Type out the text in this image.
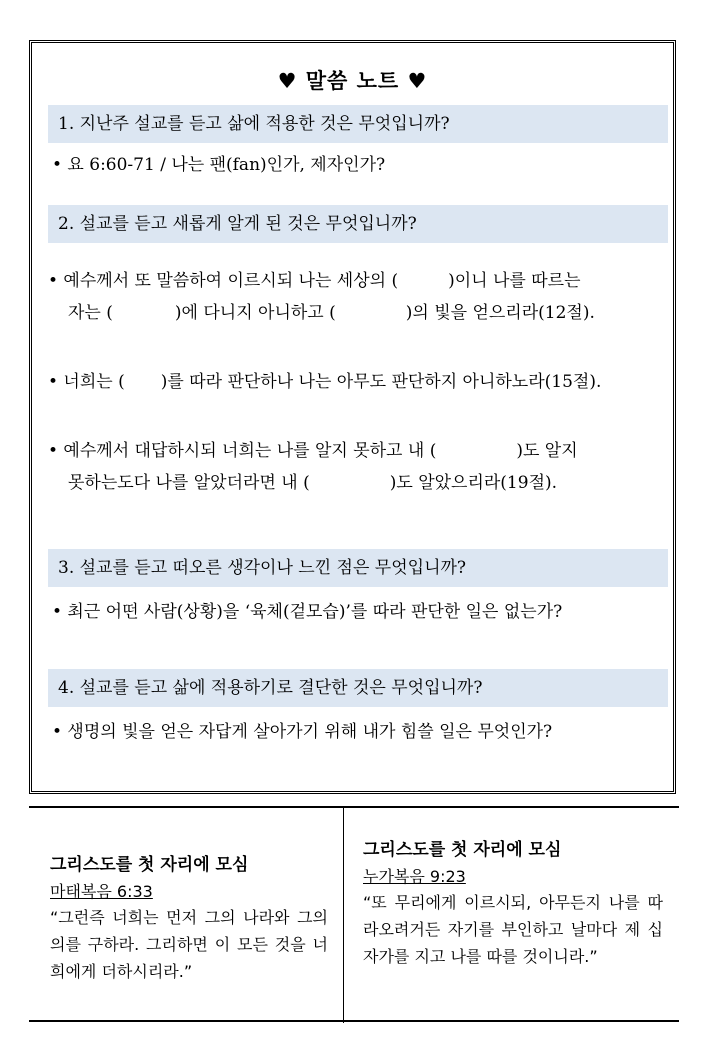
♥ 말씀 노트 ♥
1. 지난주 설교를 듣고 삶에 적용한 것은 무엇입니까?
• 요 6:60-71 / 나는 팬(fan)인가, 제자인가?
2. 설교를 듣고 새롭게 알게 된 것은 무엇입니까?
• 예수께서 또 말씀하여 이르시되 나는 세상의 (	)이니 나를 따르는
자는 (	)에 다니지 아니하고 (	)의 빛을 얻으리라(12절).
• 너희는 ( )를 따라 판단하나 나는 아무도 판단하지 아니하노라(15절).
• 예수께서 대답하시되 너희는 나를 알지 못하고 내 (	)도 알지
못하는도다 나를 알았더라면 내 (	)도 알았으리라(19절).
3. 설교를 듣고 떠오른 생각이나 느낀 점은 무엇입니까?
• 최근 어떤 사람(상황)을 ‘육체(겉모습)’를 따라 판단한 일은 없는가?
4. 설교를 듣고 삶에 적용하기로 결단한 것은 무엇입니까?
• 생명의 빛을 얻은 자답게 살아가기 위해 내가 힘쓸 일은 무엇인가?
그리스도를 첫 자리에 모심
마태복음 6:33
“그런즉 너희는 먼저 그의 나라와 그의 의를 구하라. 그리하면 이 모든 것을 너희에게 더하시리라.”
그리스도를 첫 자리에 모심
누가복음 9:23
“또 무리에게 이르시되, 아무든지 나를 따라오려거든 자기를 부인하고 날마다 제 십자가를 지고 나를 따를 것이니라.”
